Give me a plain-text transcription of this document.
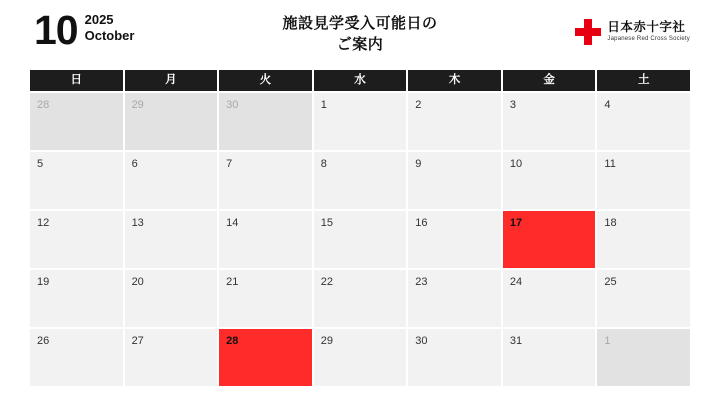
10 2025
October
施設見学受入可能日の
ご案内
日本赤十字社
Japanese Red Cross Society
日	月	火	水	木	金	土
28	29	30	1	2	3	4
5	6	7	8	9	10	11
12	13	14	15	16	17	18
19	20	21	22	23	24	25
26	27	28	29	30	31	1
